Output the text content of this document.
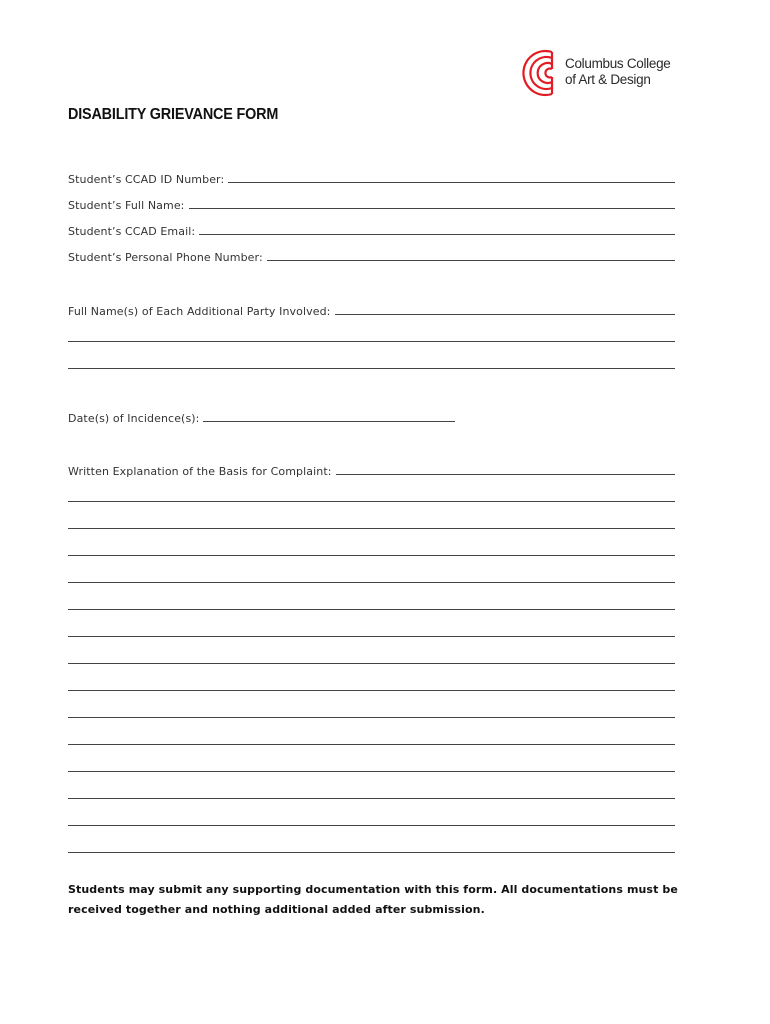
Columbus College
of Art & Design
DISABILITY GRIEVANCE FORM
Student’s CCAD ID Number:
Student’s Full Name:
Student’s CCAD Email:
Student’s Personal Phone Number:
Full Name(s) of Each Additional Party Involved:
Date(s) of Incidence(s):
Written Explanation of the Basis for Complaint:
Students may submit any supporting documentation with this form. All documentations must be received together and nothing additional added after submission.
